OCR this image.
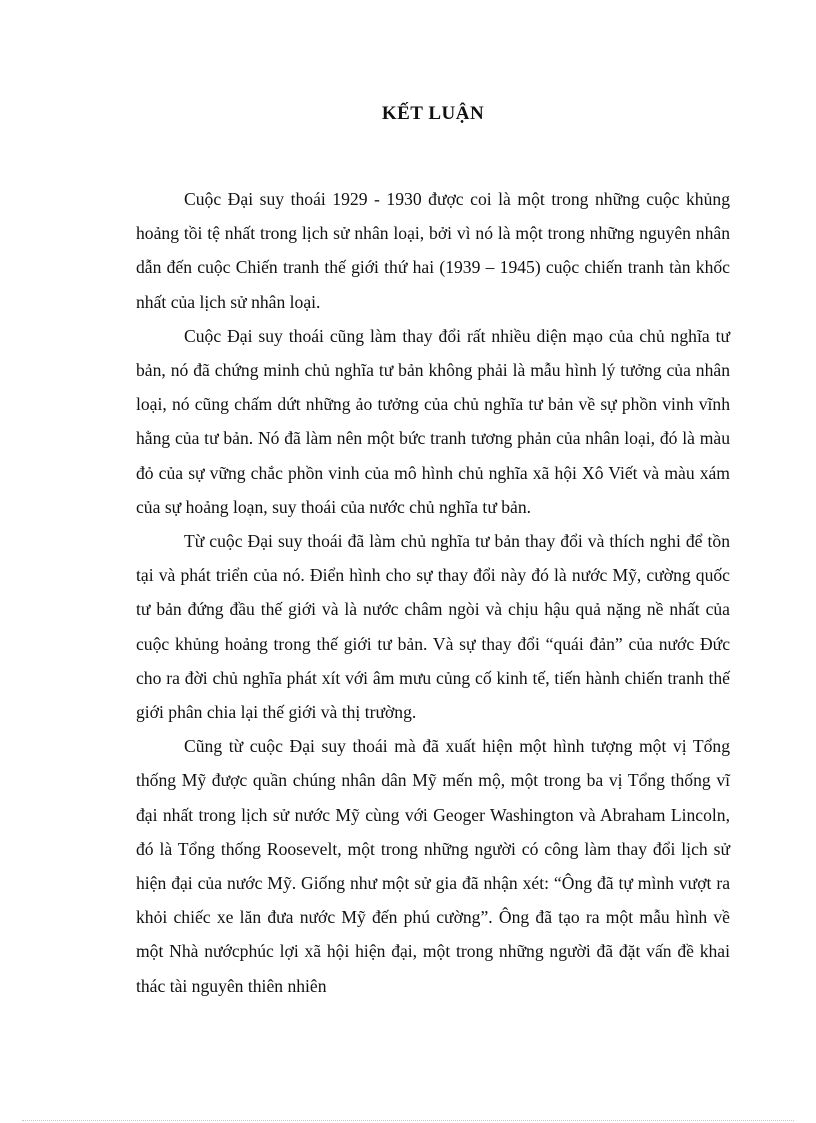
KẾT LUẬN

Cuộc Đại suy thoái 1929 - 1930 được coi là một trong những cuộc khủng hoảng tồi tệ nhất trong lịch sử nhân loại, bởi vì nó là một trong những nguyên nhân dẫn đến cuộc Chiến tranh thế giới thứ hai (1939 – 1945) cuộc chiến tranh tàn khốc nhất của lịch sử nhân loại.

Cuộc Đại suy thoái cũng làm thay đổi rất nhiều diện mạo của chủ nghĩa tư bản, nó đã chứng minh chủ nghĩa tư bản không phải là mẫu hình lý tưởng của nhân loại, nó cũng chấm dứt những ảo tưởng của chủ nghĩa tư bản về sự phồn vinh vĩnh hằng của tư bản. Nó đã làm nên một bức tranh tương phản của nhân loại, đó là màu đỏ của sự vững chắc phồn vinh của mô hình chủ nghĩa xã hội Xô Viết và màu xám của sự hoảng loạn, suy thoái của nước chủ nghĩa tư bản.

Từ cuộc Đại suy thoái đã làm chủ nghĩa tư bản thay đổi và thích nghi để tồn tại và phát triển của nó. Điển hình cho sự thay đổi này đó là nước Mỹ, cường quốc tư bản đứng đầu thế giới và là nước châm ngòi và chịu hậu quả nặng nề nhất của cuộc khủng hoảng trong thế giới tư bản. Và sự thay đổi “quái đản” của nước Đức cho ra đời chủ nghĩa phát xít với âm mưu củng cố kinh tế, tiến hành chiến tranh thế giới phân chia lại thế giới và thị trường.

Cũng từ cuộc Đại suy thoái mà đã xuất hiện một hình tượng một vị Tổng thống Mỹ được quần chúng nhân dân Mỹ mến mộ, một trong ba vị Tổng thống vĩ đại nhất trong lịch sử nước Mỹ cùng với Geoger Washington và Abraham Lincoln, đó là Tổng thống Roosevelt, một trong những người có công làm thay đổi lịch sử hiện đại của nước Mỹ. Giống như một sử gia đã nhận xét: “Ông đã tự mình vượt ra khỏi chiếc xe lăn đưa nước Mỹ đến phú cường”. Ông đã tạo ra một mẫu hình về một Nhà nướcphúc lợi xã hội hiện đại, một trong những người đã đặt vấn đề khai thác tài nguyên thiên nhiên
